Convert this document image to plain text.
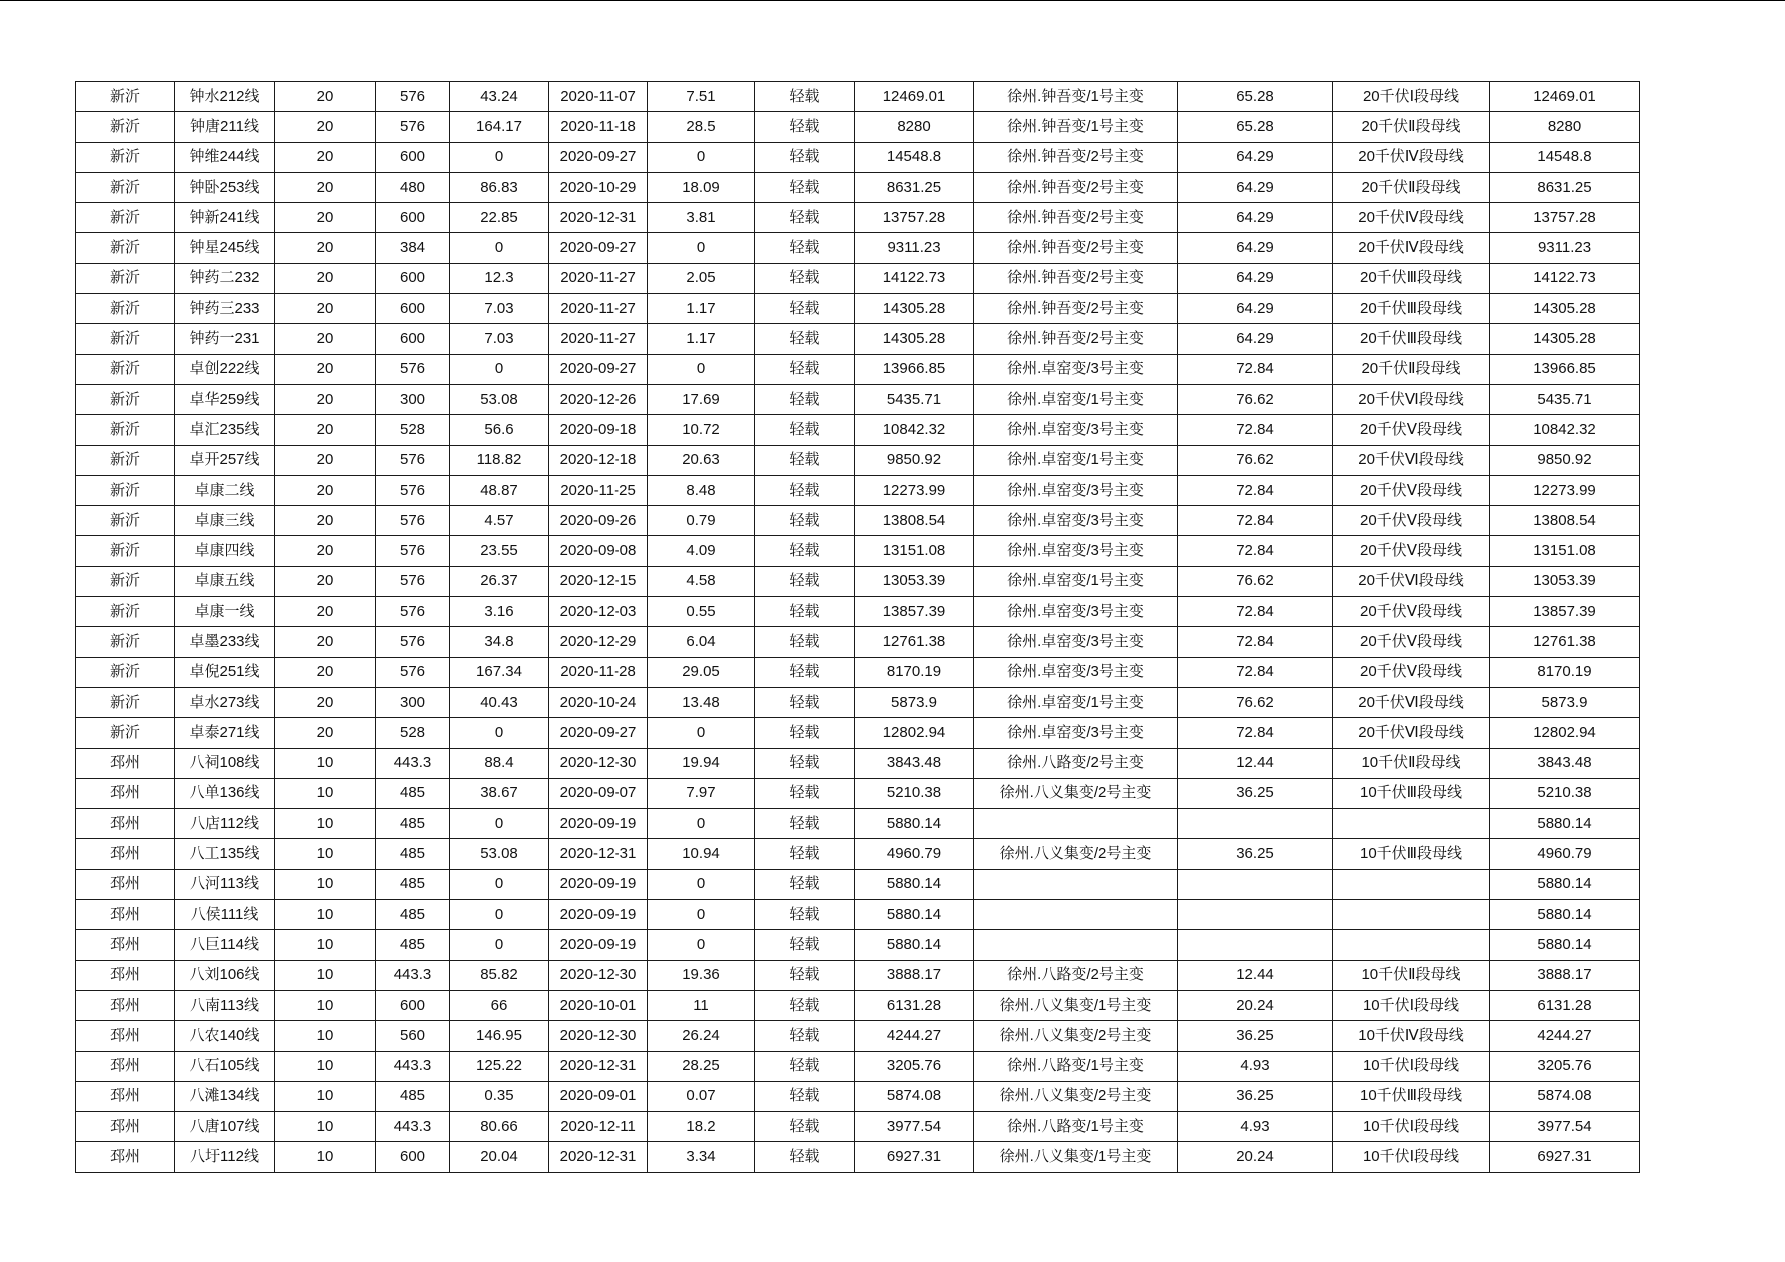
新沂	钟水212线	20	576	43.24	2020-11-07	7.51	轻载	12469.01	徐州.钟吾变/1号主变	65.28	20千伏Ⅰ段母线	12469.01
新沂	钟唐211线	20	576	164.17	2020-11-18	28.5	轻载	8280	徐州.钟吾变/1号主变	65.28	20千伏Ⅱ段母线	8280
新沂	钟维244线	20	600	0	2020-09-27	0	轻载	14548.8	徐州.钟吾变/2号主变	64.29	20千伏Ⅳ段母线	14548.8
新沂	钟卧253线	20	480	86.83	2020-10-29	18.09	轻载	8631.25	徐州.钟吾变/2号主变	64.29	20千伏Ⅱ段母线	8631.25
新沂	钟新241线	20	600	22.85	2020-12-31	3.81	轻载	13757.28	徐州.钟吾变/2号主变	64.29	20千伏Ⅳ段母线	13757.28
新沂	钟星245线	20	384	0	2020-09-27	0	轻载	9311.23	徐州.钟吾变/2号主变	64.29	20千伏Ⅳ段母线	9311.23
新沂	钟药二232	20	600	12.3	2020-11-27	2.05	轻载	14122.73	徐州.钟吾变/2号主变	64.29	20千伏Ⅲ段母线	14122.73
新沂	钟药三233	20	600	7.03	2020-11-27	1.17	轻载	14305.28	徐州.钟吾变/2号主变	64.29	20千伏Ⅲ段母线	14305.28
新沂	钟药一231	20	600	7.03	2020-11-27	1.17	轻载	14305.28	徐州.钟吾变/2号主变	64.29	20千伏Ⅲ段母线	14305.28
新沂	卓创222线	20	576	0	2020-09-27	0	轻载	13966.85	徐州.卓窑变/3号主变	72.84	20千伏Ⅱ段母线	13966.85
新沂	卓华259线	20	300	53.08	2020-12-26	17.69	轻载	5435.71	徐州.卓窑变/1号主变	76.62	20千伏Ⅵ段母线	5435.71
新沂	卓汇235线	20	528	56.6	2020-09-18	10.72	轻载	10842.32	徐州.卓窑变/3号主变	72.84	20千伏Ⅴ段母线	10842.32
新沂	卓开257线	20	576	118.82	2020-12-18	20.63	轻载	9850.92	徐州.卓窑变/1号主变	76.62	20千伏Ⅵ段母线	9850.92
新沂	卓康二线	20	576	48.87	2020-11-25	8.48	轻载	12273.99	徐州.卓窑变/3号主变	72.84	20千伏Ⅴ段母线	12273.99
新沂	卓康三线	20	576	4.57	2020-09-26	0.79	轻载	13808.54	徐州.卓窑变/3号主变	72.84	20千伏Ⅴ段母线	13808.54
新沂	卓康四线	20	576	23.55	2020-09-08	4.09	轻载	13151.08	徐州.卓窑变/3号主变	72.84	20千伏Ⅴ段母线	13151.08
新沂	卓康五线	20	576	26.37	2020-12-15	4.58	轻载	13053.39	徐州.卓窑变/1号主变	76.62	20千伏Ⅵ段母线	13053.39
新沂	卓康一线	20	576	3.16	2020-12-03	0.55	轻载	13857.39	徐州.卓窑变/3号主变	72.84	20千伏Ⅴ段母线	13857.39
新沂	卓墨233线	20	576	34.8	2020-12-29	6.04	轻载	12761.38	徐州.卓窑变/3号主变	72.84	20千伏Ⅴ段母线	12761.38
新沂	卓倪251线	20	576	167.34	2020-11-28	29.05	轻载	8170.19	徐州.卓窑变/3号主变	72.84	20千伏Ⅴ段母线	8170.19
新沂	卓水273线	20	300	40.43	2020-10-24	13.48	轻载	5873.9	徐州.卓窑变/1号主变	76.62	20千伏Ⅵ段母线	5873.9
新沂	卓泰271线	20	528	0	2020-09-27	0	轻载	12802.94	徐州.卓窑变/3号主变	72.84	20千伏Ⅵ段母线	12802.94
邳州	八祠108线	10	443.3	88.4	2020-12-30	19.94	轻载	3843.48	徐州.八路变/2号主变	12.44	10千伏Ⅱ段母线	3843.48
邳州	八单136线	10	485	38.67	2020-09-07	7.97	轻载	5210.38	徐州.八义集变/2号主变	36.25	10千伏Ⅲ段母线	5210.38
邳州	八店112线	10	485	0	2020-09-19	0	轻载	5880.14				5880.14
邳州	八工135线	10	485	53.08	2020-12-31	10.94	轻载	4960.79	徐州.八义集变/2号主变	36.25	10千伏Ⅲ段母线	4960.79
邳州	八河113线	10	485	0	2020-09-19	0	轻载	5880.14				5880.14
邳州	八侯111线	10	485	0	2020-09-19	0	轻载	5880.14				5880.14
邳州	八巨114线	10	485	0	2020-09-19	0	轻载	5880.14				5880.14
邳州	八刘106线	10	443.3	85.82	2020-12-30	19.36	轻载	3888.17	徐州.八路变/2号主变	12.44	10千伏Ⅱ段母线	3888.17
邳州	八南113线	10	600	66	2020-10-01	11	轻载	6131.28	徐州.八义集变/1号主变	20.24	10千伏Ⅰ段母线	6131.28
邳州	八农140线	10	560	146.95	2020-12-30	26.24	轻载	4244.27	徐州.八义集变/2号主变	36.25	10千伏Ⅳ段母线	4244.27
邳州	八石105线	10	443.3	125.22	2020-12-31	28.25	轻载	3205.76	徐州.八路变/1号主变	4.93	10千伏Ⅰ段母线	3205.76
邳州	八滩134线	10	485	0.35	2020-09-01	0.07	轻载	5874.08	徐州.八义集变/2号主变	36.25	10千伏Ⅲ段母线	5874.08
邳州	八唐107线	10	443.3	80.66	2020-12-11	18.2	轻载	3977.54	徐州.八路变/1号主变	4.93	10千伏Ⅰ段母线	3977.54
邳州	八圩112线	10	600	20.04	2020-12-31	3.34	轻载	6927.31	徐州.八义集变/1号主变	20.24	10千伏Ⅰ段母线	6927.31
